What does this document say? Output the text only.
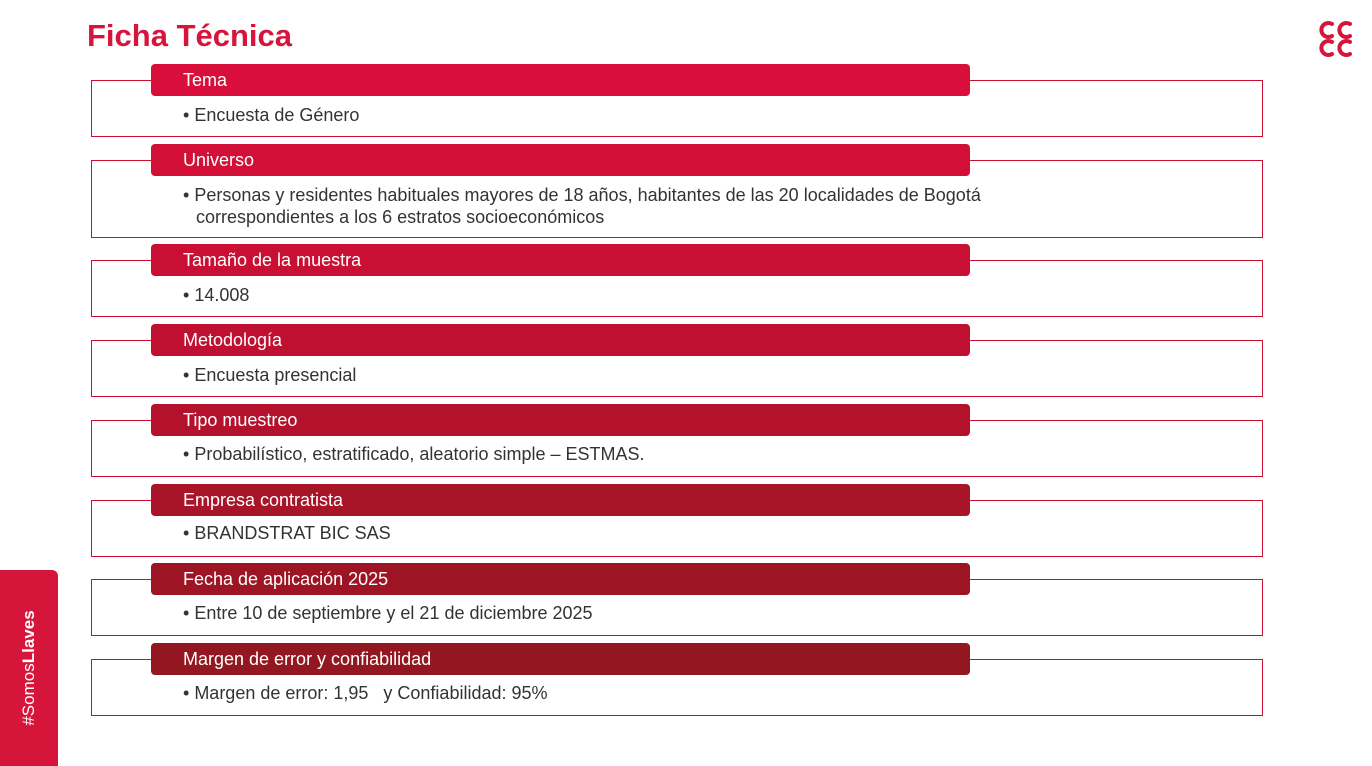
Ficha Técnica
#SomosLlaves
Tema
• Encuesta de Género
Universo
• Personas y residentes habituales mayores de 18 años, habitantes de las 20 localidades de Bogotá correspondientes a los 6 estratos socioeconómicos
Tamaño de la muestra
• 14.008
Metodología
• Encuesta presencial
Tipo muestreo
• Probabilístico, estratificado, aleatorio simple – ESTMAS.
Empresa contratista
• BRANDSTRAT BIC SAS
Fecha de aplicación 2025
• Entre 10 de septiembre y el 21 de diciembre 2025
Margen de error y confiabilidad
• Margen de error: 1,95   y Confiabilidad: 95%
